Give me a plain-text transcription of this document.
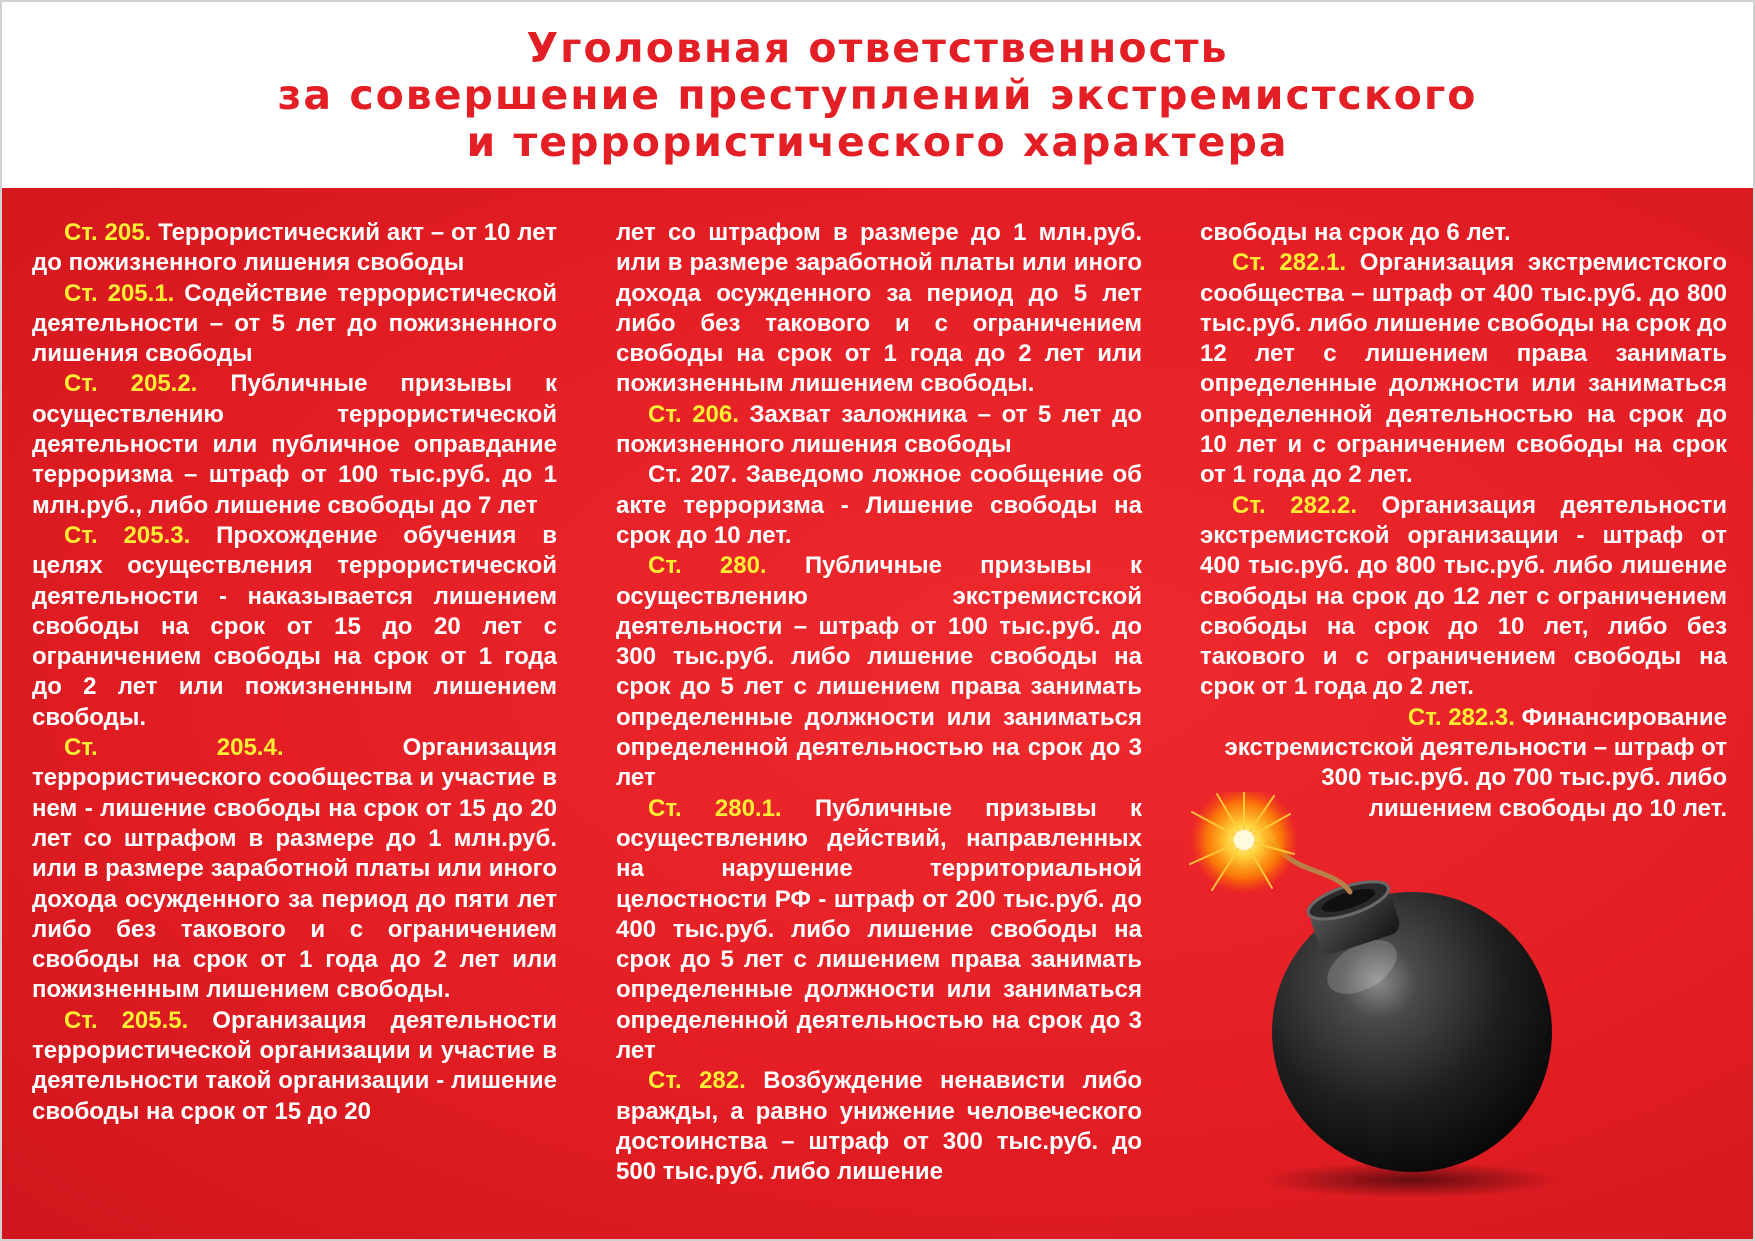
Уголовная ответственность
за совершение преступлений экстремистского
и террористического характера

Ст. 205. Террористический акт – от 10 лет до пожизненного лишения свободы

Ст. 205.1. Содействие террористической деятельности – от 5 лет до пожизненного лишения свободы

Ст. 205.2. Публичные призывы к осуществлению террористической деятельности или публичное оправдание терроризма – штраф от 100 тыс.руб. до 1 млн.руб., либо лишение свободы до 7 лет

Ст. 205.3. Прохождение обучения в целях осуществления террористической деятельности - наказывается лишением свободы на срок от 15 до 20 лет с ограничением свободы на срок от 1 года до 2 лет или пожизненным лишением свободы.

Ст. 205.4. Организация террористического сообщества и участие в нем - лишение свободы на срок от 15 до 20 лет со штрафом в размере до 1 млн.руб. или в размере заработной платы или иного дохода осужденного за период до пяти лет либо без такового и с ограничением свободы на срок от 1 года до 2 лет или пожизненным лишением свободы.

Ст. 205.5. Организация деятельности террористической организации и участие в деятельности такой организации - лишение свободы на срок от 15 до 20

лет со штрафом в размере до 1 млн.руб. или в размере заработной платы или иного дохода осужденного за период до 5 лет либо без такового и с ограничением свободы на срок от 1 года до 2 лет или пожизненным лишением свободы.

Ст. 206. Захват заложника – от 5 лет до пожизненного лишения свободы

Ст. 207. Заведомо ложное сообщение об акте терроризма - Лишение свободы на срок до 10 лет.

Ст. 280. Публичные призывы к осуществлению экстремистской деятельности – штраф от 100 тыс.руб. до 300 тыс.руб. либо лишение свободы на срок до 5 лет с лишением права занимать определенные должности или заниматься определенной деятельностью на срок до 3 лет

Ст. 280.1. Публичные призывы к осуществлению действий, направленных на нарушение территориальной целостности РФ - штраф от 200 тыс.руб. до 400 тыс.руб. либо лишение свободы на срок до 5 лет с лишением права занимать определенные должности или заниматься определенной деятельностью на срок до 3 лет

Ст. 282. Возбуждение ненависти либо вражды, а равно унижение человеческого достоинства – штраф от 300 тыс.руб. до 500 тыс.руб. либо лишение

свободы на срок до 6 лет.

Ст. 282.1. Организация экстремистского сообщества – штраф от 400 тыс.руб. до 800 тыс.руб. либо лишение свободы на срок до 12 лет с лишением права занимать определенные должности или заниматься определенной деятельностью на срок до 10 лет и с ограничением свободы на срок от 1 года до 2 лет.

Ст. 282.2. Организация деятельности экстремистской организации - штраф от 400 тыс.руб. до 800 тыс.руб. либо лишение свободы на срок до 12 лет с ограничением свободы на срок до 10 лет, либо без такового и с ограничением свободы на срок от 1 года до 2 лет.

Ст. 282.3. Финансирование экстремистской деятельности – штраф от 300 тыс.руб. до 700 тыс.руб. либо лишением свободы до 10 лет.
